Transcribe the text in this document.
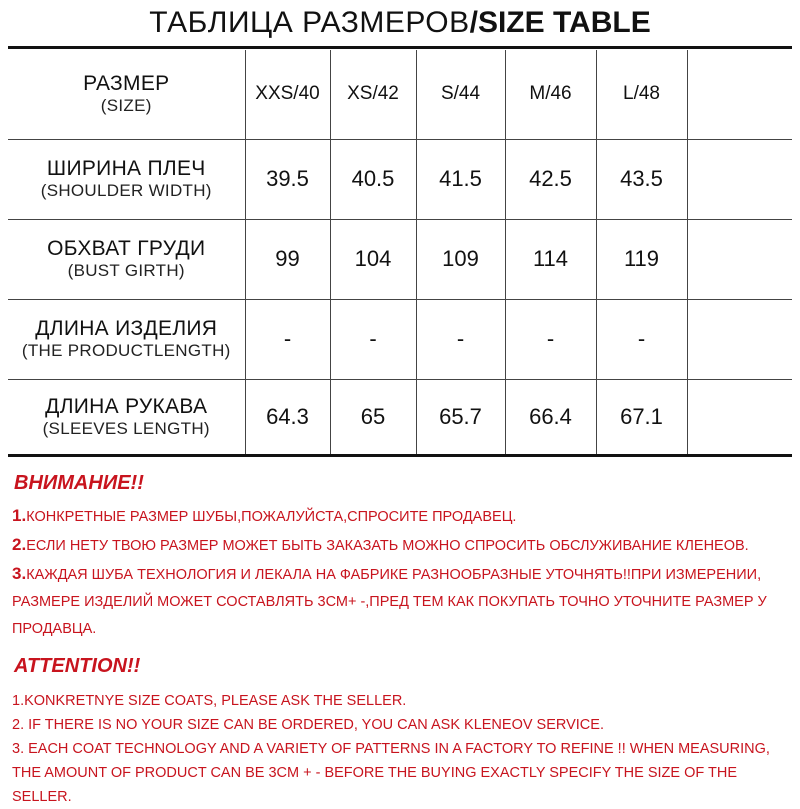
ТАБЛИЦА РАЗМЕРОВ/SIZE TABLE
РАЗМЕР
(SIZE)	XXS/40	XS/42	S/44	M/46	L/48	

ШИРИНА ПЛЕЧ
(SHOULDER WIDTH)	39.5	40.5	41.5	42.5	43.5	

ОБХВАТ ГРУДИ
(BUST GIRTH)	99	104	109	114	119	

ДЛИНА ИЗДЕЛИЯ
(THE PRODUCTLENGTH)	-	-	-	-	-	

ДЛИНА РУКАВА
(SLEEVES LENGTH)	64.3	65	65.7	66.4	67.1	

ВНИМАНИЕ!!

1.КОНКРЕТНЫЕ РАЗМЕР ШУБЫ,ПОЖАЛУЙСТА,СПРОСИТЕ ПРОДАВЕЦ.

2.ЕСЛИ НЕТУ ТВОЮ РАЗМЕР МОЖЕТ БЫТЬ ЗАКАЗАТЬ МОЖНО СПРОСИТЬ ОБСЛУЖИВАНИЕ КЛЕНЕОВ.

3.КАЖДАЯ ШУБА ТЕХНОЛОГИЯ И ЛЕКАЛА НА ФАБРИКЕ РАЗНООБРАЗНЫЕ УТОЧНЯТЬ!!ПРИ ИЗМЕРЕНИИ, РАЗМЕРЕ ИЗДЕЛИЙ МОЖЕТ СОСТАВЛЯТЬ 3СМ+ -,ПРЕД ТЕМ КАК ПОКУПАТЬ ТОЧНО УТОЧНИТЕ РАЗМЕР У ПРОДАВЦА.

ATTENTION!!

1.KONKRETNYE SIZE COATS, PLEASE ASK THE SELLER.

2. IF THERE IS NO YOUR SIZE CAN BE ORDERED, YOU CAN ASK KLENEOV SERVICE.

3. EACH COAT TECHNOLOGY AND A VARIETY OF PATTERNS IN A FACTORY TO REFINE !! WHEN MEASURING, THE AMOUNT OF PRODUCT CAN BE 3CM + - BEFORE THE BUYING EXACTLY SPECIFY THE SIZE OF THE SELLER.
